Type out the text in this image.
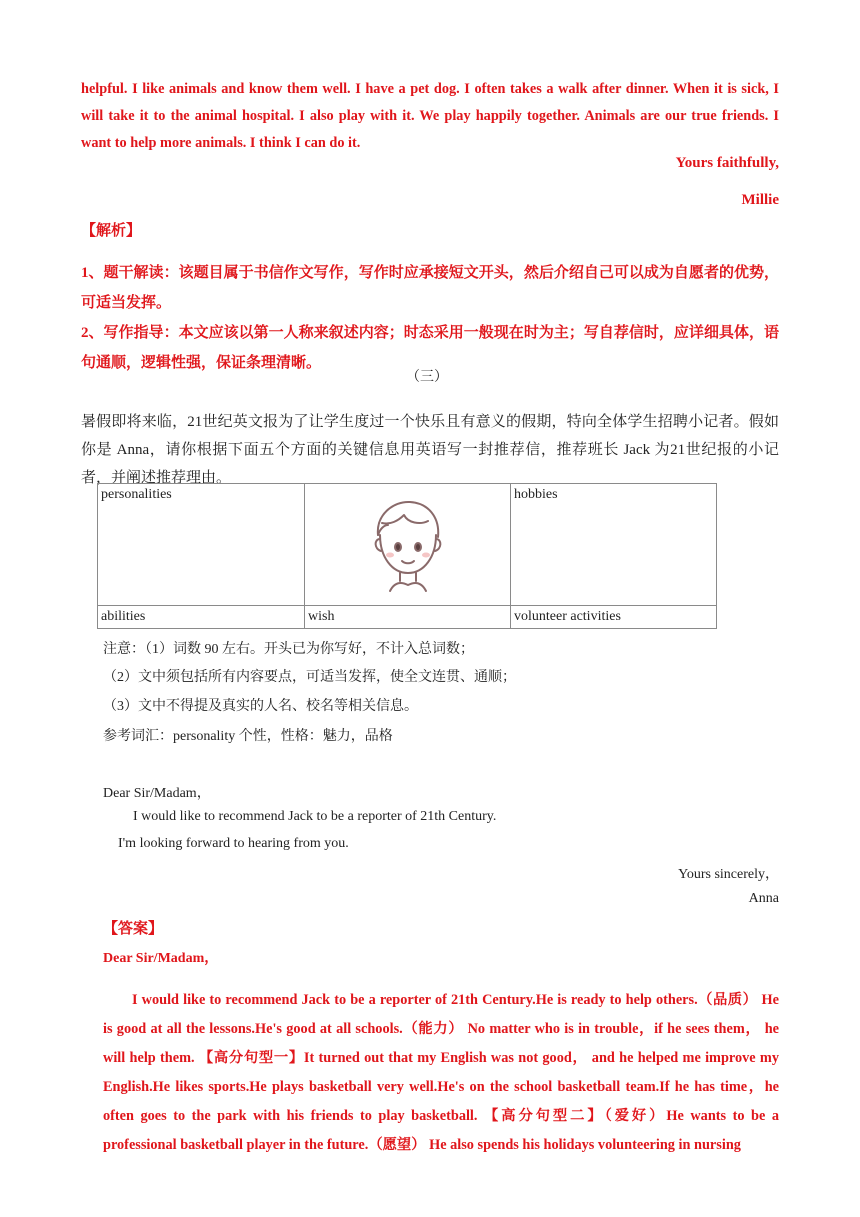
helpful. I like animals and know them well. I have a pet dog. I often takes a walk after dinner. When it is sick, I will take it to the animal hospital. I also play with it. We play happily together. Animals are our true friends. I want to help more animals. I think I can do it.

Yours faithfully,

Millie

【解析】

1、题干解读：该题目属于书信作文写作，写作时应承接短文开头，然后介绍自己可以成为自愿者的优势，可适当发挥。

2、写作指导：本文应该以第一人称来叙述内容；时态采用一般现在时为主；写自荐信时，应详细具体，语句通顺，逻辑性强，保证条理清晰。

（三）

暑假即将来临，21世纪英文报为了让学生度过一个快乐且有意义的假期，特向全体学生招聘小记者。假如你是 Anna，请你根据下面五个方面的关键信息用英语写一封推荐信，推荐班长 Jack 为21世纪报的小记者，并阐述推荐理由。

personalities		hobbies
abilities	wish	volunteer activities

注意：（1）词数 90 左右。开头已为你写好，不计入总词数；

（2）文中须包括所有内容要点，可适当发挥，使全文连贯、通顺；

（3）文中不得提及真实的人名、校名等相关信息。

参考词汇：personality 个性，性格：魅力，品格

Dear Sir/Madam，

I would like to recommend Jack to be a reporter of 21th Century.

I'm looking forward to hearing from you.

Yours sincerely，

Anna

【答案】

Dear Sir/Madam，

I would like to recommend Jack to be a reporter of 21th Century.He is ready to help others.（品质） He is good at all the lessons.He's good at all schools.（能力） No matter who is in trouble，if he sees them， he will help them. 【高分句型一】It turned out that my English was not good， and he helped me improve my English.He likes sports.He plays basketball very well.He's on the school basketball team.If he has time，he often goes to the park with his friends to play basketball. 【高分句型二】（爱好）He wants to be a professional basketball player in the future.（愿望） He also spends his holidays volunteering in nursing
